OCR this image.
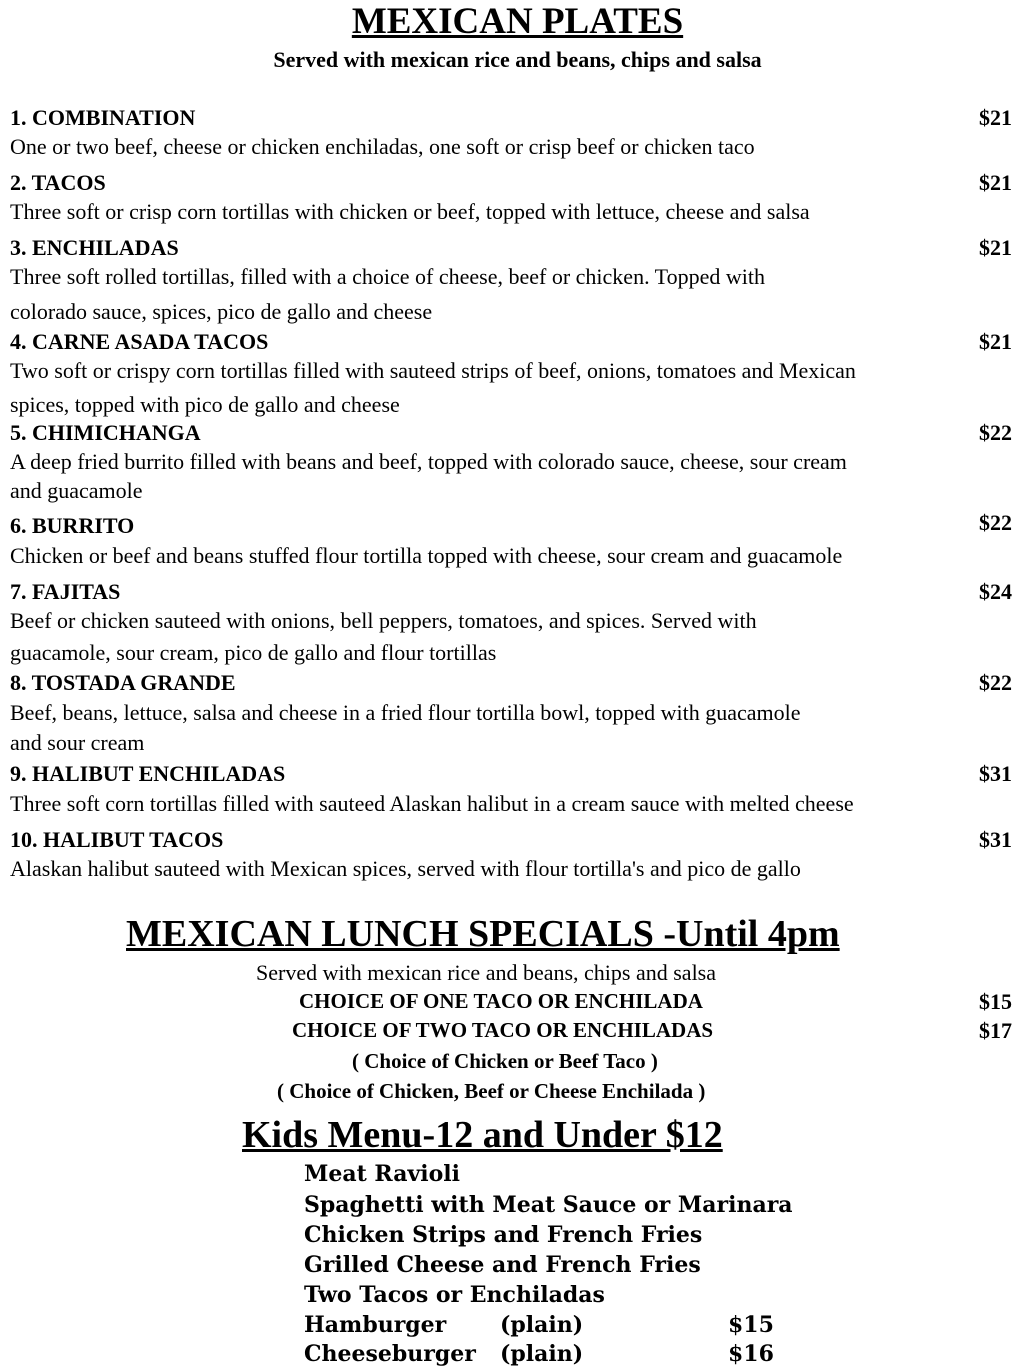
MEXICAN PLATES
Served with mexican rice and beans, chips and salsa
1. COMBINATION	$21
One or two beef, cheese or chicken enchiladas, one soft or crisp beef or chicken taco
2. TACOS	$21
Three soft or crisp corn tortillas with chicken or beef, topped with lettuce, cheese and salsa
3. ENCHILADAS	$21
Three soft rolled tortillas, filled with a choice of cheese, beef or chicken. Topped with
colorado sauce, spices, pico de gallo and cheese
4. CARNE ASADA TACOS	$21
Two soft or crispy corn tortillas filled with sauteed strips of beef, onions, tomatoes and Mexican
spices, topped with pico de gallo and cheese
5. CHIMICHANGA	$22
A deep fried burrito filled with beans and beef, topped with colorado sauce, cheese, sour cream
and guacamole
6. BURRITO	$22
Chicken or beef and beans stuffed flour tortilla topped with cheese, sour cream and guacamole
7. FAJITAS	$24
Beef or chicken sauteed with onions, bell peppers, tomatoes, and spices. Served with
guacamole, sour cream, pico de gallo and flour tortillas
8. TOSTADA GRANDE	$22
Beef, beans, lettuce, salsa and cheese in a fried flour tortilla bowl, topped with guacamole
and sour cream
9. HALIBUT ENCHILADAS	$31
Three soft corn tortillas filled with sauteed Alaskan halibut in a cream sauce with melted cheese
10. HALIBUT TACOS	$31
Alaskan halibut sauteed with Mexican spices, served with flour tortilla's and pico de gallo
MEXICAN LUNCH SPECIALS -Until 4pm
Served with mexican rice and beans, chips and salsa
CHOICE OF ONE TACO OR ENCHILADA	$15
CHOICE OF TWO TACO OR ENCHILADAS	$17
( Choice of Chicken or Beef Taco )
( Choice of Chicken, Beef or Cheese Enchilada )
Kids Menu-12 and Under $12
Meat Ravioli
Spaghetti with Meat Sauce or Marinara
Chicken Strips and French Fries
Grilled Cheese and French Fries
Two Tacos or Enchiladas
Hamburger (plain)	$15
Cheeseburger (plain)	$16
